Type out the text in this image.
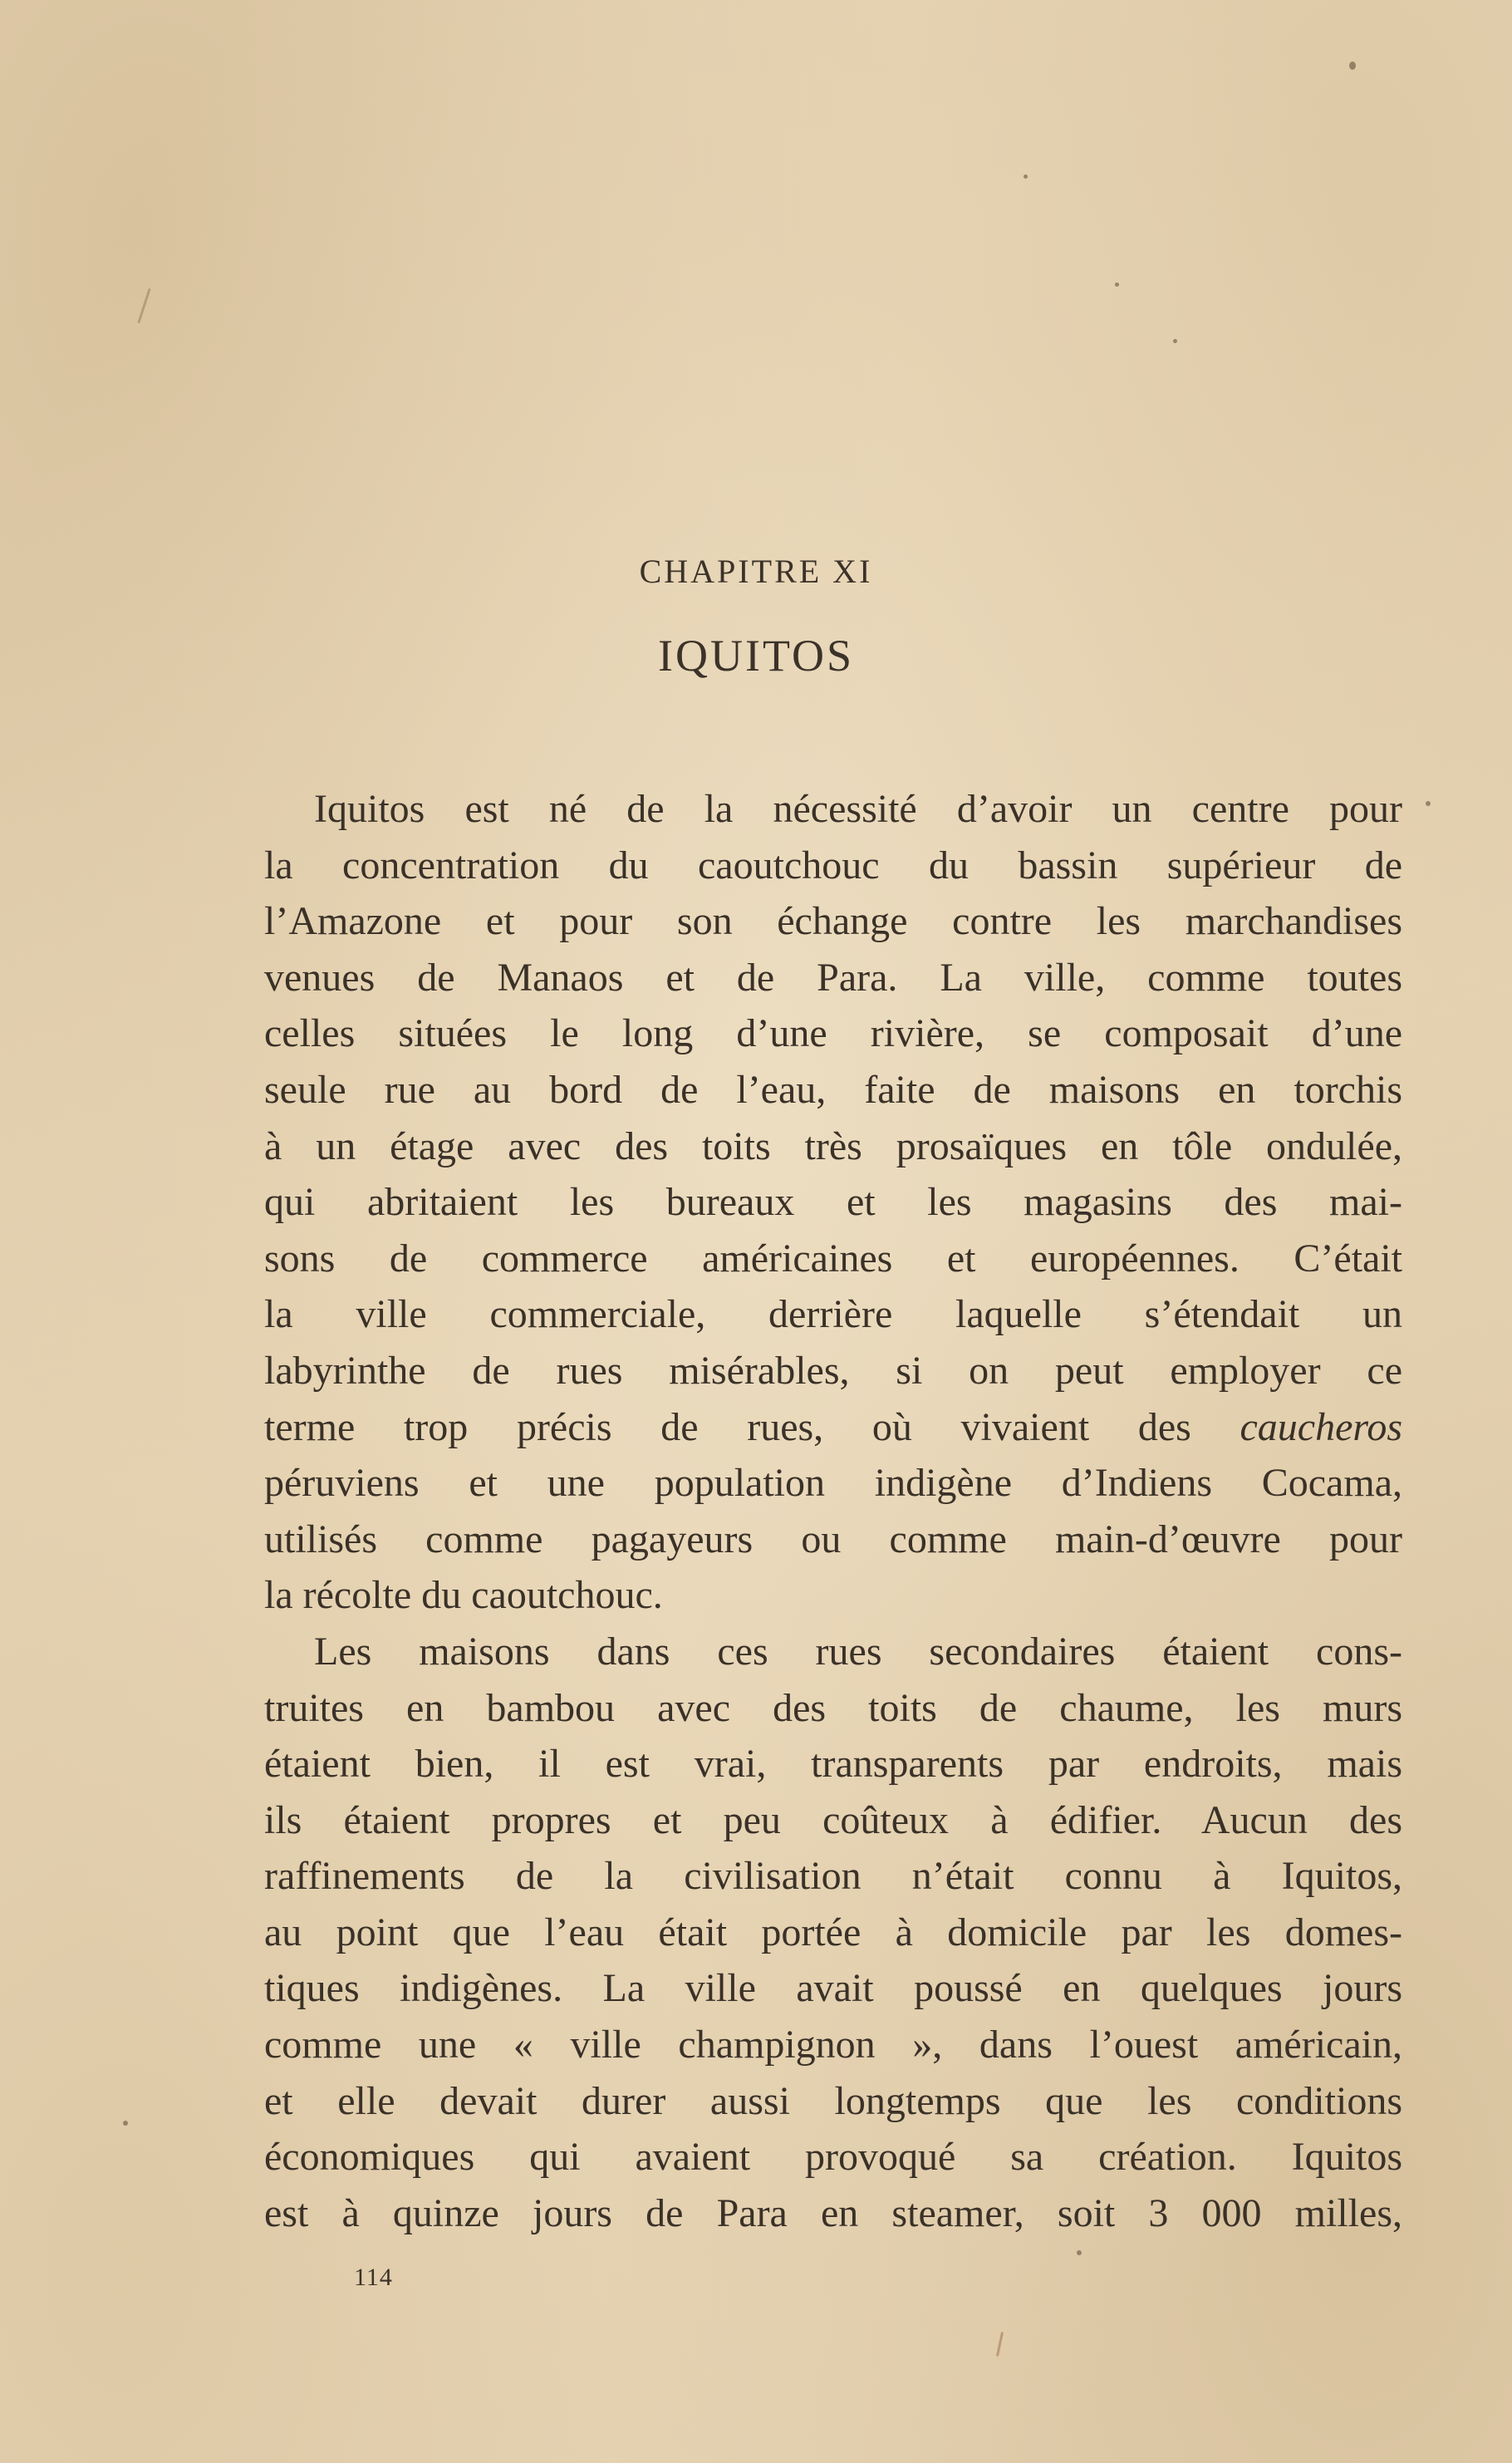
CHAPITRE XI
IQUITOS
Iquitos est né de la nécessité d’avoir un centre pour
la concentration du caoutchouc du bassin supérieur de
l’Amazone et pour son échange contre les marchandises
venues de Manaos et de Para. La ville, comme toutes
celles situées le long d’une rivière, se composait d’une
seule rue au bord de l’eau, faite de maisons en torchis
à un étage avec des toits très prosaïques en tôle ondulée,
qui abritaient les bureaux et les magasins des mai-
sons de commerce américaines et européennes. C’était
la ville commerciale, derrière laquelle s’étendait un
labyrinthe de rues misérables, si on peut employer ce
terme trop précis de rues, où vivaient des caucheros
péruviens et une population indigène d’Indiens Cocama,
utilisés comme pagayeurs ou comme main-d’œuvre pour
la récolte du caoutchouc.
Les maisons dans ces rues secondaires étaient cons-
truites en bambou avec des toits de chaume, les murs
étaient bien, il est vrai, transparents par endroits, mais
ils étaient propres et peu coûteux à édifier. Aucun des
raffinements de la civilisation n’était connu à Iquitos,
au point que l’eau était portée à domicile par les domes-
tiques indigènes. La ville avait poussé en quelques jours
comme une « ville champignon », dans l’ouest américain,
et elle devait durer aussi longtemps que les conditions
économiques qui avaient provoqué sa création. Iquitos
est à quinze jours de Para en steamer, soit 3 000 milles,
114
